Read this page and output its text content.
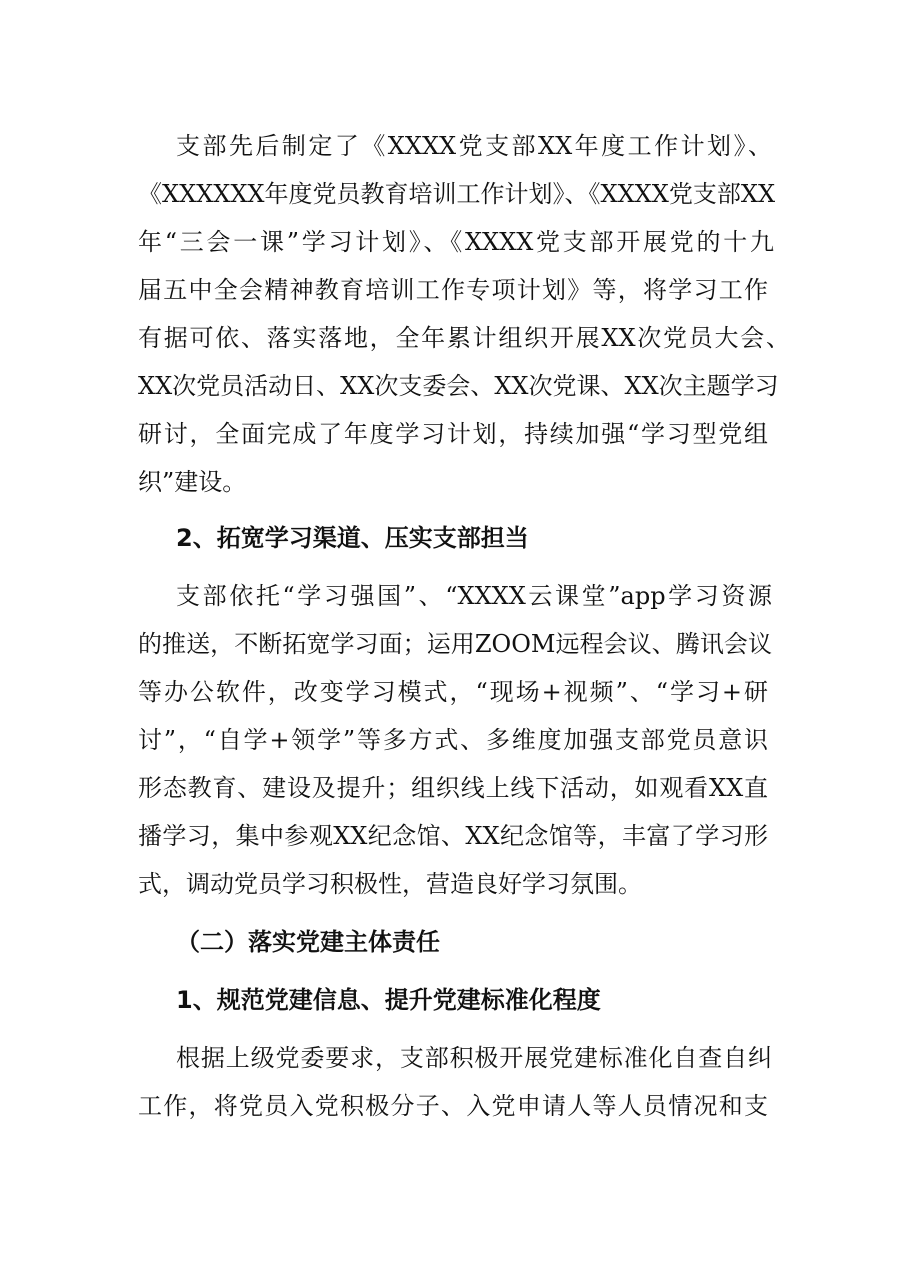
支部先后制定了《XXXX党支部XX年度工作计划》、
《XXXXXX年度党员教育培训工作计划》、《XXXX党支部XX
年“三会一课”学习计划》、《XXXX党支部开展党的十九
届五中全会精神教育培训工作专项计划》等，将学习工作
有据可依、落实落地，全年累计组织开展XX次党员大会、
XX次党员活动日、XX次支委会、XX次党课、XX次主题学习
研讨，全面完成了年度学习计划，持续加强“学习型党组
织”建设。
2、拓宽学习渠道、压实支部担当
支部依托“学习强国”、“XXXX云课堂”app学习资源
的推送，不断拓宽学习面；运用ZOOM远程会议、腾讯会议
等办公软件，改变学习模式，“现场+视频”、“学习+研
讨”，“自学+领学”等多方式、多维度加强支部党员意识
形态教育、建设及提升；组织线上线下活动，如观看XX直
播学习，集中参观XX纪念馆、XX纪念馆等，丰富了学习形
式，调动党员学习积极性，营造良好学习氛围。
（二）落实党建主体责任
1、规范党建信息、提升党建标准化程度
根据上级党委要求，支部积极开展党建标准化自查自纠
工作，将党员入党积极分子、入党申请人等人员情况和支
